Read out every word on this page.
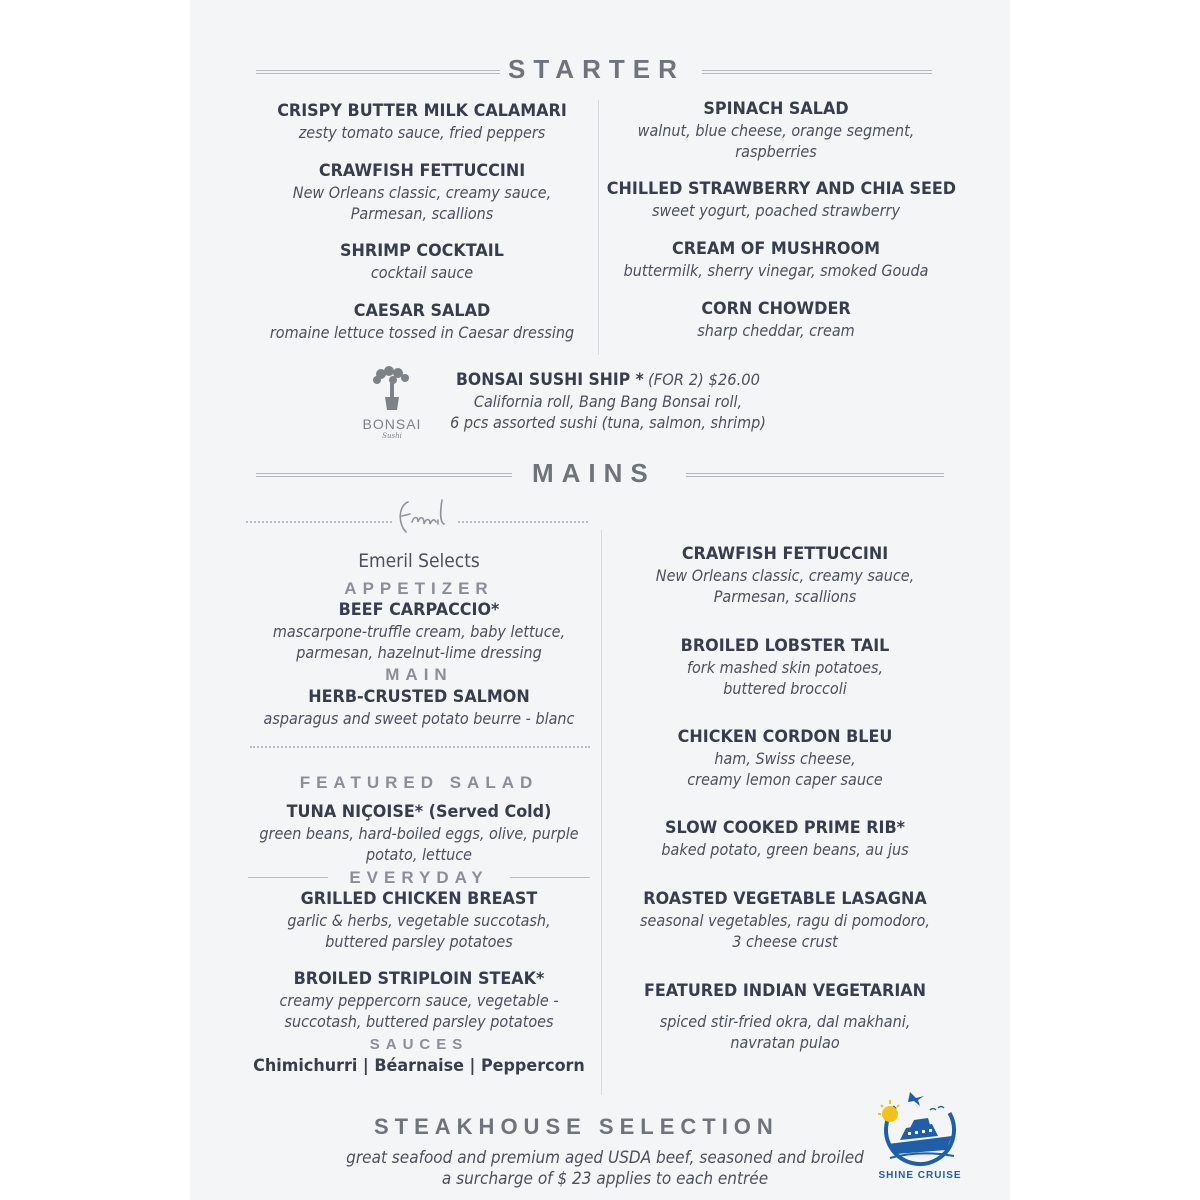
STARTER
CRISPY BUTTER MILK CALAMARI
zesty tomato sauce, fried peppers
CRAWFISH FETTUCCINI
New Orleans classic, creamy sauce,
Parmesan, scallions
SHRIMP COCKTAIL
cocktail sauce
CAESAR SALAD
romaine lettuce tossed in Caesar dressing
SPINACH SALAD
walnut, blue cheese, orange segment,
raspberries
CHILLED STRAWBERRY AND CHIA SEED
sweet yogurt, poached strawberry
CREAM OF MUSHROOM
buttermilk, sherry vinegar, smoked Gouda
CORN CHOWDER
sharp cheddar, cream
BONSAI
Sushi
BONSAI SUSHI SHIP * (FOR 2) $26.00
California roll, Bang Bang Bonsai roll,
6 pcs assorted sushi (tuna, salmon, shrimp)
MAINS
Emeril
Emeril Selects
APPETIZER
BEEF CARPACCIO*
mascarpone-truffle cream, baby lettuce,
parmesan, hazelnut-lime dressing
MAIN
HERB-CRUSTED SALMON
asparagus and sweet potato beurre - blanc
FEATURED SALAD
TUNA NIÇOISE* (Served Cold)
green beans, hard-boiled eggs, olive, purple
potato, lettuce
EVERYDAY
GRILLED CHICKEN BREAST
garlic & herbs, vegetable succotash,
buttered parsley potatoes
BROILED STRIPLOIN STEAK*
creamy peppercorn sauce, vegetable -
succotash, buttered parsley potatoes
SAUCES
Chimichurri | Béarnaise | Peppercorn
CRAWFISH FETTUCCINI
New Orleans classic, creamy sauce,
Parmesan, scallions
BROILED LOBSTER TAIL
fork mashed skin potatoes,
buttered broccoli
CHICKEN CORDON BLEU
ham, Swiss cheese,
creamy lemon caper sauce
SLOW COOKED PRIME RIB*
baked potato, green beans, au jus
ROASTED VEGETABLE LASAGNA
seasonal vegetables, ragu di pomodoro,
3 cheese crust
FEATURED INDIAN VEGETARIAN
spiced stir-fried okra, dal makhani,
navratan pulao
STEAKHOUSE SELECTION
great seafood and premium aged USDA beef, seasoned and broiled
a surcharge of $ 23 applies to each entrée	SHINE CRUISE
